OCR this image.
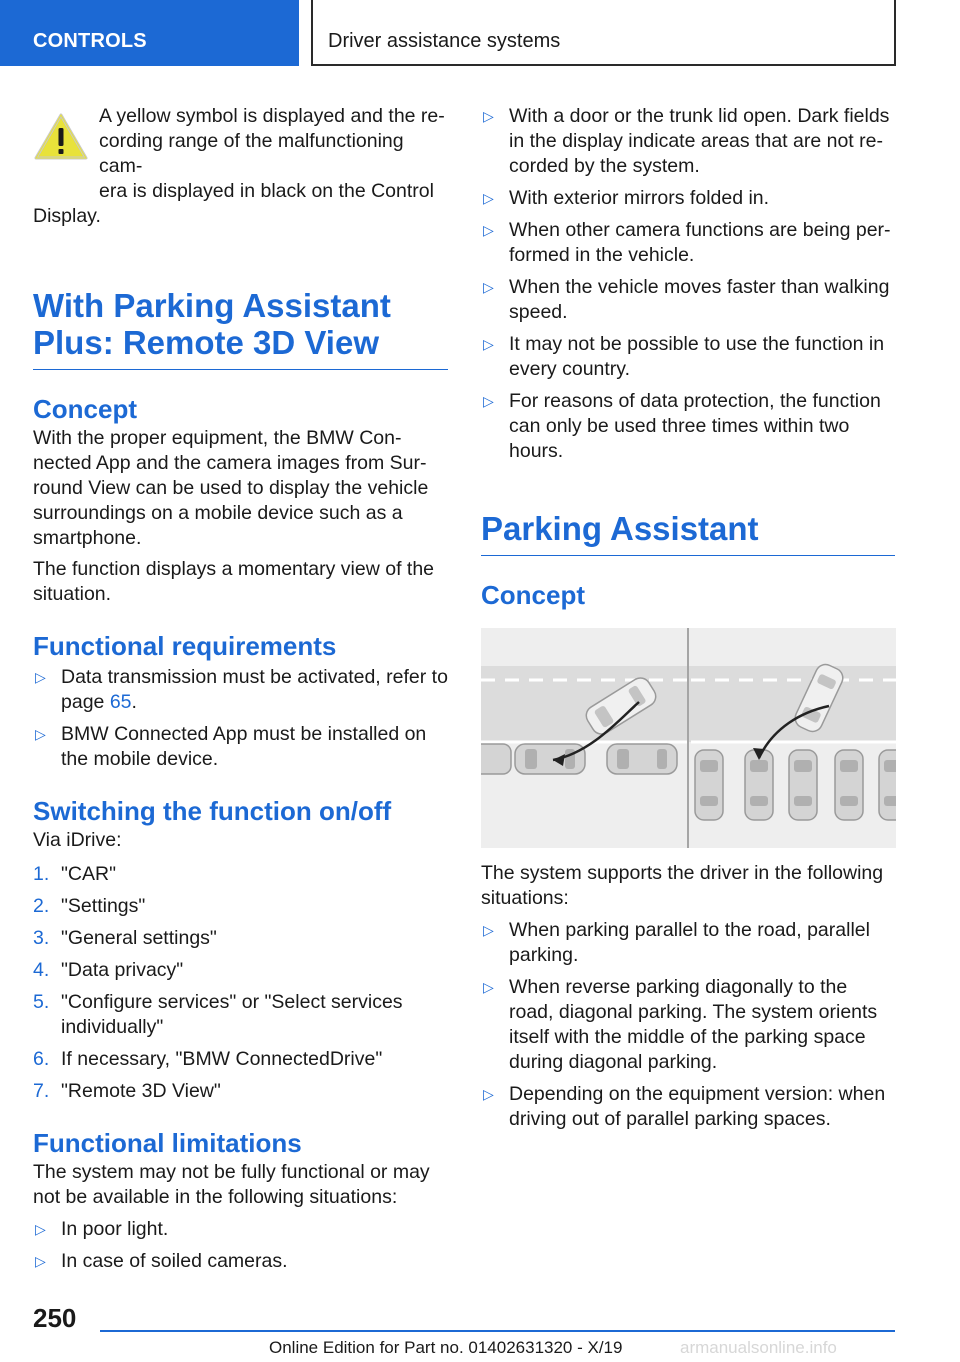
CONTROLS	Driver assistance systems

A yellow symbol is displayed and the re-
cording range of the malfunctioning cam-
era is displayed in black on the Control
Display.

With Parking Assistant
Plus: Remote 3D View
Concept

With the proper equipment, the BMW Con-nected App and the camera images from Sur-round View can be used to display the vehicle surroundings on a mobile device such as a smartphone.

The function displays a momentary view of the situation.

Functional requirements
▷ Data transmission must be activated, refer to page 65.
▷ BMW Connected App must be installed on the mobile device.
Switching the function on/off

Via iDrive:

1. "CAR"
2. "Settings"
3. "General settings"
4. "Data privacy"
5. "Configure services" or "Select services individually"
6. If necessary, "BMW ConnectedDrive"
7. "Remote 3D View"
Functional limitations

The system may not be fully functional or may not be available in the following situations:

▷ In poor light.
▷ In case of soiled cameras.
▷ With a door or the trunk lid open. Dark fields in the display indicate areas that are not re-corded by the system.
▷ With exterior mirrors folded in.
▷ When other camera functions are being per-formed in the vehicle.
▷ When the vehicle moves faster than walking speed.
▷ It may not be possible to use the function in every country.
▷ For reasons of data protection, the function can only be used three times within two hours.
Parking Assistant
Concept

The system supports the driver in the following situations:

▷ When parking parallel to the road, parallel parking.
▷ When reverse parking diagonally to the road, diagonal parking. The system orients itself with the middle of the parking space during diagonal parking.
▷ Depending on the equipment version: when driving out of parallel parking spaces.
250
Online Edition for Part no. 01402631320 - X/19	armanualsonline.info
